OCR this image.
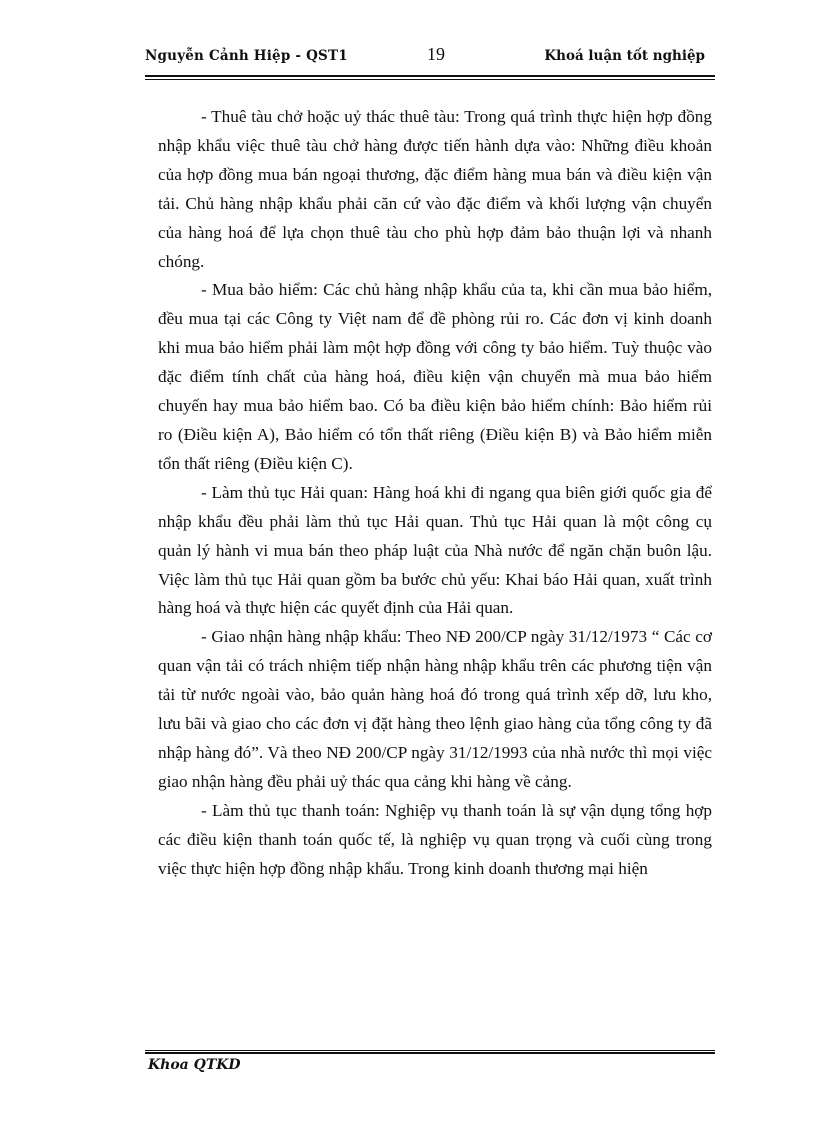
Nguyễn Cảnh Hiệp - QST1	19	Khoá luận tốt nghiệp

- Thuê tàu chở hoặc uỷ thác thuê tàu: Trong quá trình thực hiện hợp đồng nhập khẩu việc thuê tàu chở hàng được tiến hành dựa vào: Những điều khoản của hợp đồng mua bán ngoại thương, đặc điểm hàng mua bán và điều kiện vận tải. Chủ hàng nhập khẩu phải căn cứ vào đặc điểm và khối lượng vận chuyển của hàng hoá để lựa chọn thuê tàu cho phù hợp đảm bảo thuận lợi và nhanh chóng.

- Mua bảo hiểm: Các chủ hàng nhập khẩu của ta, khi cần mua bảo hiểm, đều mua tại các Công ty Việt nam để đề phòng rủi ro. Các đơn vị kinh doanh khi mua bảo hiểm phải làm một hợp đồng với công ty bảo hiểm. Tuỳ thuộc vào đặc điểm tính chất của hàng hoá, điều kiện vận chuyển mà mua bảo hiểm chuyến hay mua bảo hiểm bao. Có ba điều kiện bảo hiểm chính: Bảo hiểm rủi ro (Điều kiện A), Bảo hiểm có tổn thất riêng (Điều kiện B) và Bảo hiểm miễn tổn thất riêng (Điều kiện C).

- Làm thủ tục Hải quan: Hàng hoá khi đi ngang qua biên giới quốc gia để nhập khẩu đều phải làm thủ tục Hải quan. Thủ tục Hải quan là một công cụ quản lý hành vi mua bán theo pháp luật của Nhà nước để ngăn chặn buôn lậu. Việc làm thủ tục Hải quan gồm ba bước chủ yếu: Khai báo Hải quan, xuất trình hàng hoá và thực hiện các quyết định của Hải quan.

- Giao nhận hàng nhập khẩu: Theo NĐ 200/CP ngày 31/12/1973 “ Các cơ quan vận tải có trách nhiệm tiếp nhận hàng nhập khẩu trên các phương tiện vận tải từ nước ngoài vào, bảo quản hàng hoá đó trong quá trình xếp dỡ, lưu kho, lưu bãi và giao cho các đơn vị đặt hàng theo lệnh giao hàng của tổng công ty đã nhập hàng đó”. Và theo NĐ 200/CP ngày 31/12/1993 của nhà nước thì mọi việc giao nhận hàng đều phải uỷ thác qua cảng khi hàng về cảng.

- Làm thủ tục thanh toán: Nghiệp vụ thanh toán là sự vận dụng tổng hợp các điều kiện thanh toán quốc tế, là nghiệp vụ quan trọng và cuối cùng trong việc thực hiện hợp đồng nhập khẩu. Trong kinh doanh thương mại hiện

Khoa QTKD
